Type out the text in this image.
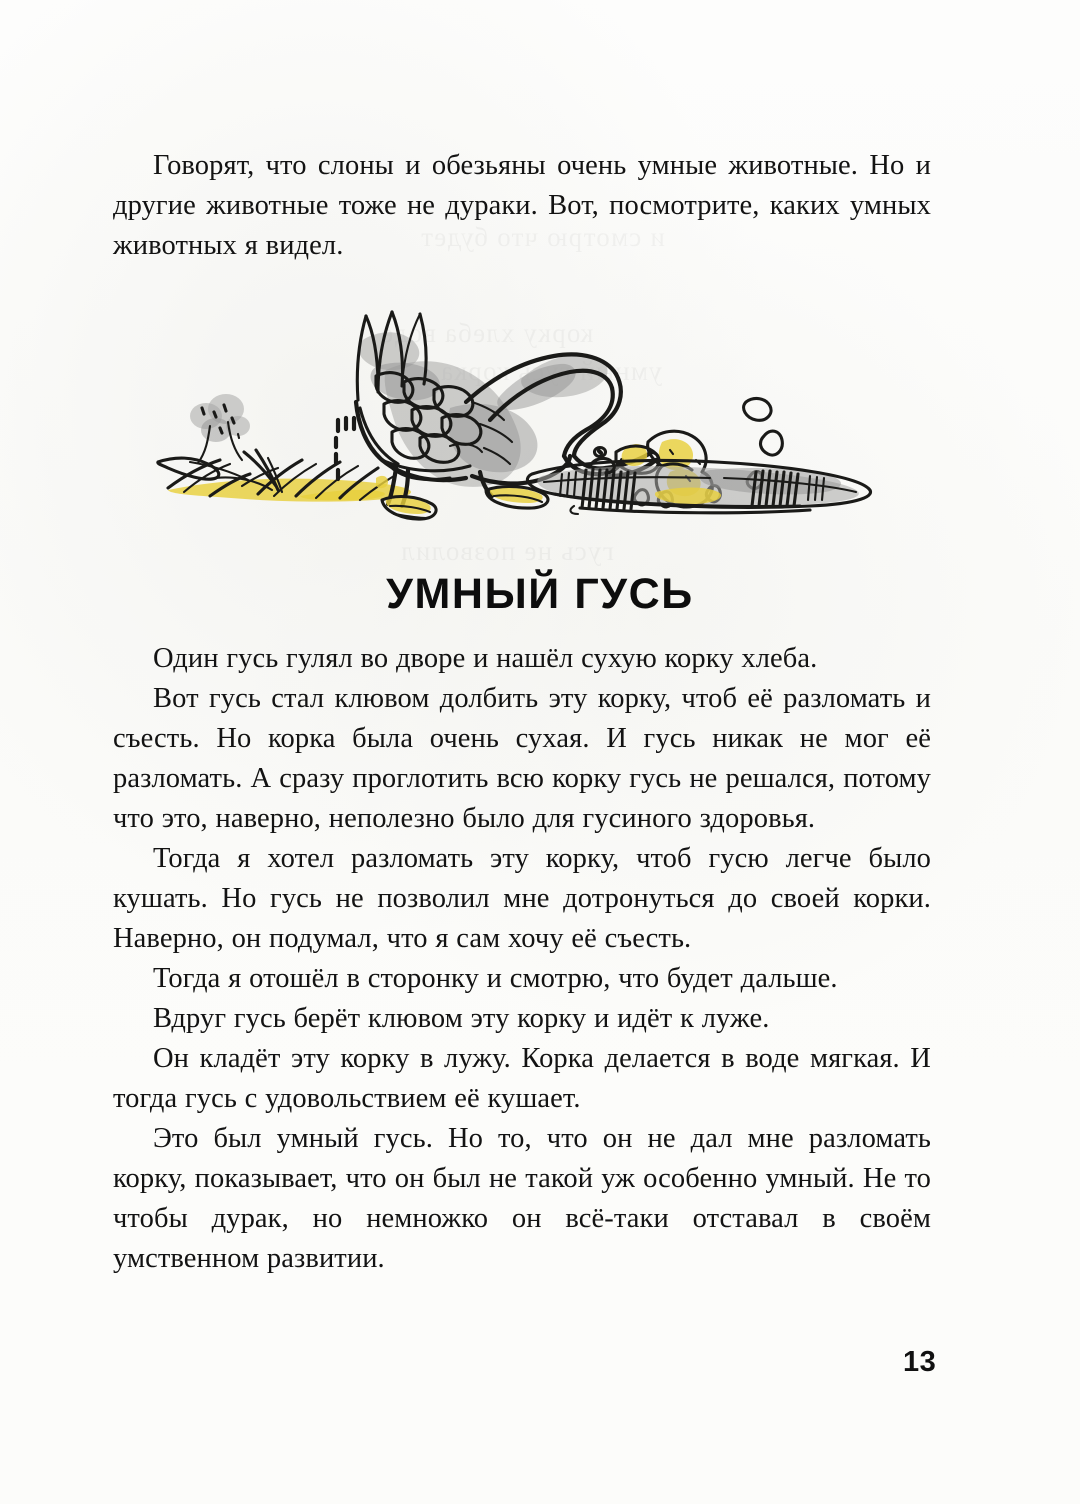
Говорят, что слоны и обезьяны очень умные животные. Но и другие животные тоже не дураки. Вот, посмотрите, каких умных животных я видел.

УМНЫЙ ГУСЬ

Один гусь гулял во дворе и нашёл сухую корку хлеба.

Вот гусь стал клювом долбить эту корку, чтоб её разломать и съесть. Но корка была очень сухая. И гусь никак не мог её разломать. А сразу проглотить всю корку гусь не решался, потому что это, наверно, неполезно было для гусиного здоровья.

Тогда я хотел разломать эту корку, чтоб гусю легче было кушать. Но гусь не позволил мне дотронуться до своей корки. Наверно, он подумал, что я сам хочу её съесть.

Тогда я отошёл в сторонку и смотрю, что будет дальше.

Вдруг гусь берёт клювом эту корку и идёт к луже.

Он кладёт эту корку в лужу. Корка делается в воде мягкая. И тогда гусь с удовольствием её кушает.

Это был умный гусь. Но то, что он не дал мне разломать корку, показывает, что он был не такой уж особенно умный. Не то чтобы дурак, но немножко он всё-таки отставал в своём умственном развитии.

13
